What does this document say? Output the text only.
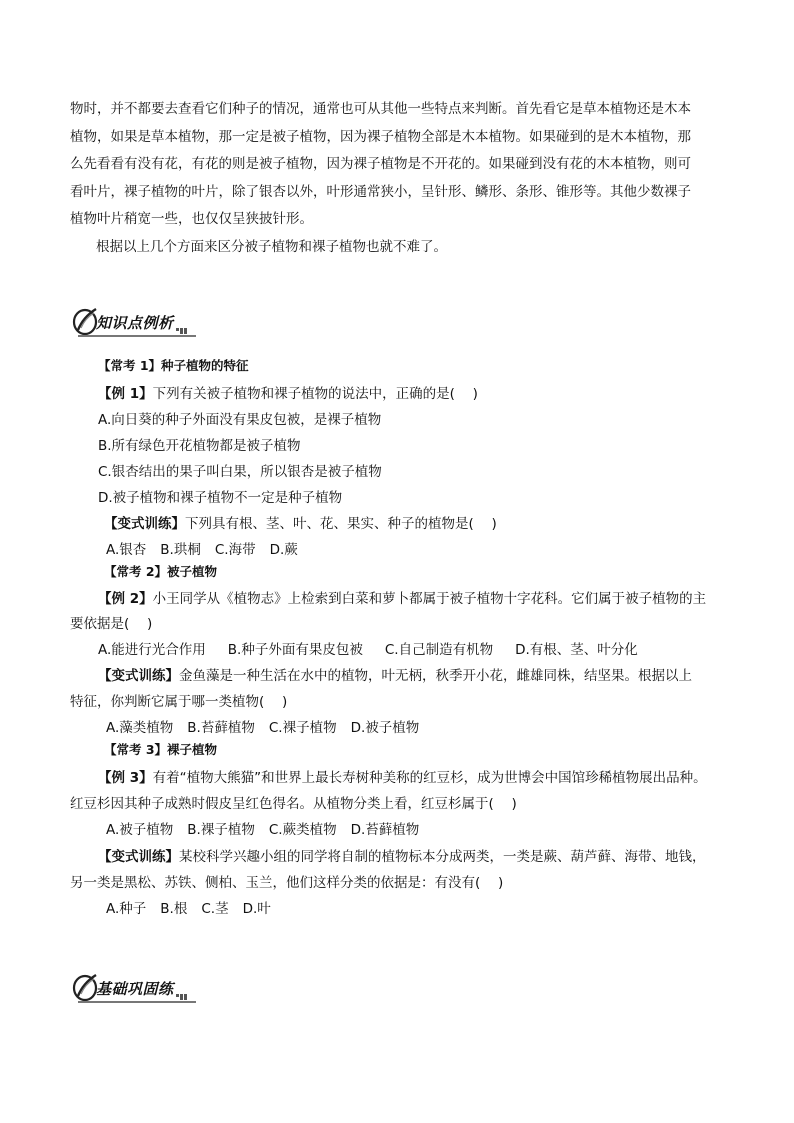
物时，并不都要去查看它们种子的情况，通常也可从其他一些特点来判断。首先看它是草本植物还是木本
植物，如果是草本植物，那一定是被子植物，因为裸子植物全部是木本植物。如果碰到的是木本植物，那
么先看看有没有花，有花的则是被子植物，因为裸子植物是不开花的。如果碰到没有花的木本植物，则可
看叶片，裸子植物的叶片，除了银杏以外，叶形通常狭小，呈针形、鳞形、条形、锥形等。其他少数裸子
植物叶片稍宽一些，也仅仅呈狭披针形。
根据以上几个方面来区分被子植物和裸子植物也就不难了。
知识点例析
【常考 1】种子植物的特征
【例 1】下列有关被子植物和裸子植物的说法中，正确的是(　 )
A.向日葵的种子外面没有果皮包被，是裸子植物
B.所有绿色开花植物都是被子植物
C.银杏结出的果子叫白果，所以银杏是被子植物
D.被子植物和裸子植物不一定是种子植物
【变式训练】下列具有根、茎、叶、花、果实、种子的植物是(　 )
A.银杏 B.珙桐 C.海带 D.蕨
【常考 2】被子植物
【例 2】小王同学从《植物志》上检索到白菜和萝卜都属于被子植物十字花科。它们属于被子植物的主
要依据是(　 )
A.能进行光合作用 B.种子外面有果皮包被 C.自己制造有机物 D.有根、茎、叶分化
【变式训练】金鱼藻是一种生活在水中的植物，叶无柄，秋季开小花，雌雄同株，结坚果。根据以上
特征，你判断它属于哪一类植物(　 )
A.藻类植物 B.苔藓植物 C.裸子植物 D.被子植物
【常考 3】裸子植物
【例 3】有着“植物大熊猫”和世界上最长寿树种美称的红豆杉，成为世博会中国馆珍稀植物展出品种。
红豆杉因其种子成熟时假皮呈红色得名。从植物分类上看，红豆杉属于(　 )
A.被子植物 B.裸子植物 C.蕨类植物 D.苔藓植物
【变式训练】某校科学兴趣小组的同学将自制的植物标本分成两类，一类是蕨、葫芦藓、海带、地钱，
另一类是黑松、苏铁、侧柏、玉兰，他们这样分类的依据是：有没有(　 )
A.种子 B.根 C.茎 D.叶
基础巩固练
